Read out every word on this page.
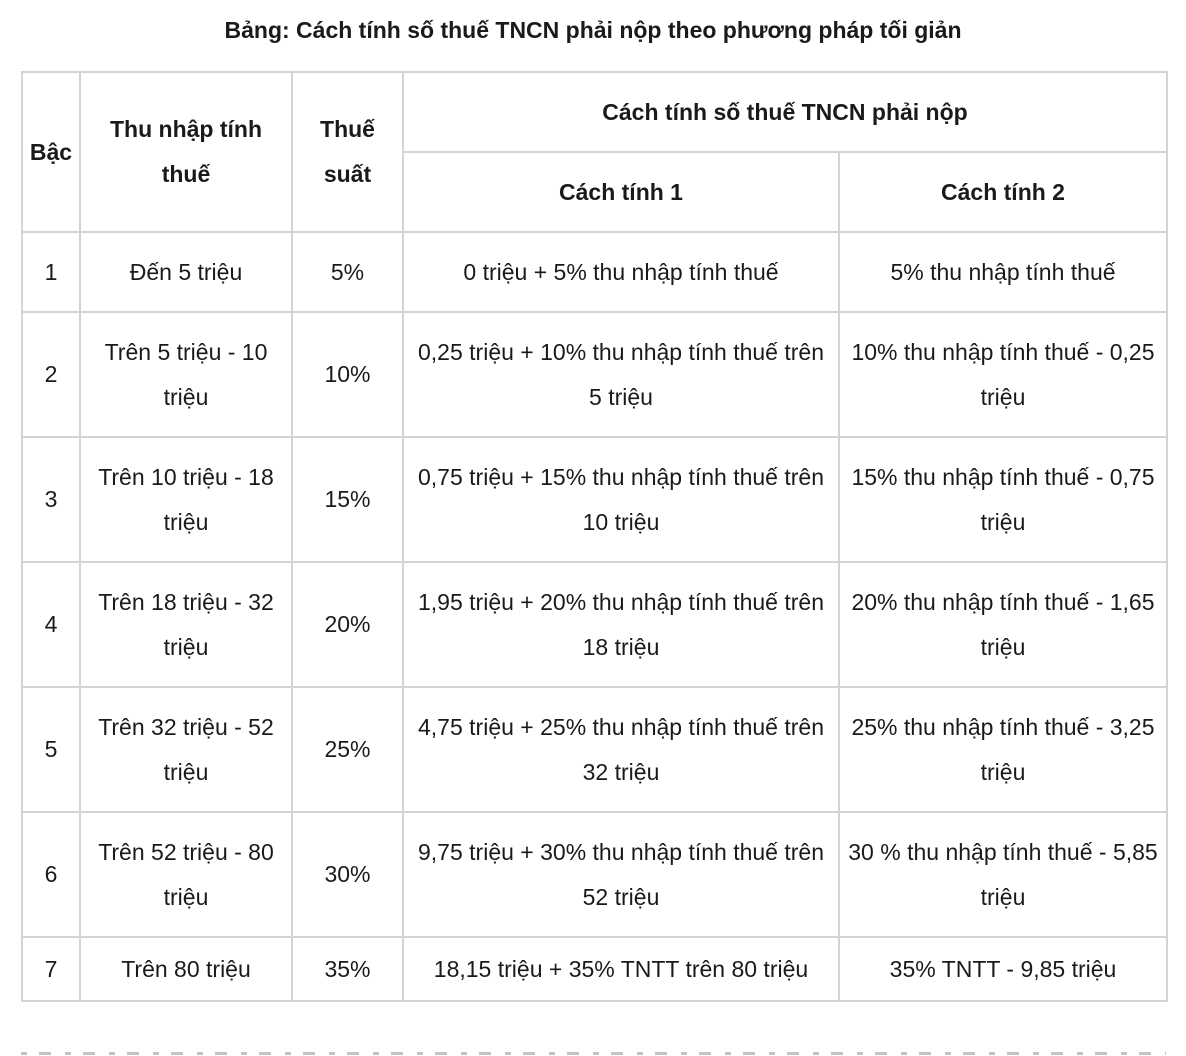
Bảng: Cách tính số thuế TNCN phải nộp theo phương pháp tối giản
Bậc	Thu nhập tính thuế	Thuế suất	Cách tính số thuế TNCN phải nộp	
			Cách tính 1	Cách tính 2
1	Đến 5 triệu	5%	0 triệu + 5% thu nhập tính thuế	5% thu nhập tính thuế
2	Trên 5 triệu - 10 triệu	10%	0,25 triệu + 10% thu nhập tính thuế trên 5 triệu	10% thu nhập tính thuế - 0,25 triệu
3	Trên 10 triệu - 18 triệu	15%	0,75 triệu + 15% thu nhập tính thuế trên 10 triệu	15% thu nhập tính thuế - 0,75 triệu
4	Trên 18 triệu - 32 triệu	20%	1,95 triệu + 20% thu nhập tính thuế trên 18 triệu	20% thu nhập tính thuế - 1,65 triệu
5	Trên 32 triệu - 52 triệu	25%	4,75 triệu + 25% thu nhập tính thuế trên 32 triệu	25% thu nhập tính thuế - 3,25 triệu
6	Trên 52 triệu - 80 triệu	30%	9,75 triệu + 30% thu nhập tính thuế trên 52 triệu	30 % thu nhập tính thuế - 5,85 triệu
7	Trên 80 triệu	35%	18,15 triệu + 35% TNTT trên 80 triệu	35% TNTT - 9,85 triệu
